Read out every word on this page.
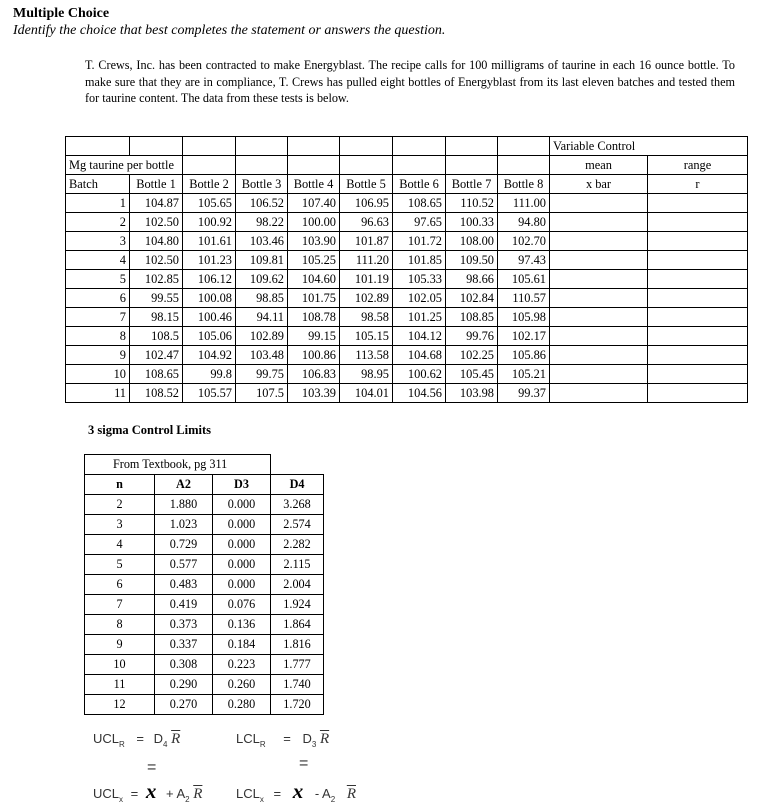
Multiple Choice
Identify the choice that best completes the statement or answers the question.

T. Crews, Inc. has been contracted to make Energyblast. The recipe calls for 100 milligrams of taurine in each 16 ounce bottle. To make sure that they are in compliance, T. Crews has pulled eight bottles of Energyblast from its last eleven batches and tested them for taurine content. The data from these tests is below.

									Variable Control	
Mg taurine per bottle									mean	range
Batch	Bottle 1	Bottle 2	Bottle 3	Bottle 4	Bottle 5	Bottle 6	Bottle 7	Bottle 8	x bar	r
1	104.87	105.65	106.52	107.40	106.95	108.65	110.52	111.00		
2	102.50	100.92	98.22	100.00	96.63	97.65	100.33	94.80		
3	104.80	101.61	103.46	103.90	101.87	101.72	108.00	102.70		
4	102.50	101.23	109.81	105.25	111.20	101.85	109.50	97.43		
5	102.85	106.12	109.62	104.60	101.19	105.33	98.66	105.61		
6	99.55	100.08	98.85	101.75	102.89	102.05	102.84	110.57		
7	98.15	100.46	94.11	108.78	98.58	101.25	108.85	105.98		
8	108.5	105.06	102.89	99.15	105.15	104.12	99.76	102.17		
9	102.47	104.92	103.48	100.86	113.58	104.68	102.25	105.86		
10	108.65	99.8	99.75	106.83	98.95	100.62	105.45	105.21		
11	108.52	105.57	107.5	103.39	104.01	104.56	103.98	99.37		
3 sigma Control Limits
From Textbook, pg 311			
n	A2	D3	D4
2	1.880	0.000	3.268
3	1.023	0.000	2.574
4	0.729	0.000	2.282
5	0.577	0.000	2.115
6	0.483	0.000	2.004
7	0.419	0.076	1.924
8	0.373	0.136	1.864
9	0.337	0.184	1.816
10	0.308	0.223	1.777
11	0.290	0.260	1.740
12	0.270	0.280	1.720
$UCL_R = D_4$ $\overline{R}$	$LCL_R = D_3$ $\overline{R}$
=	=
$UCL_x = x + A_2$ $\overline{R}$	$LCL_x = x - A_2$ $\overline{R}$
